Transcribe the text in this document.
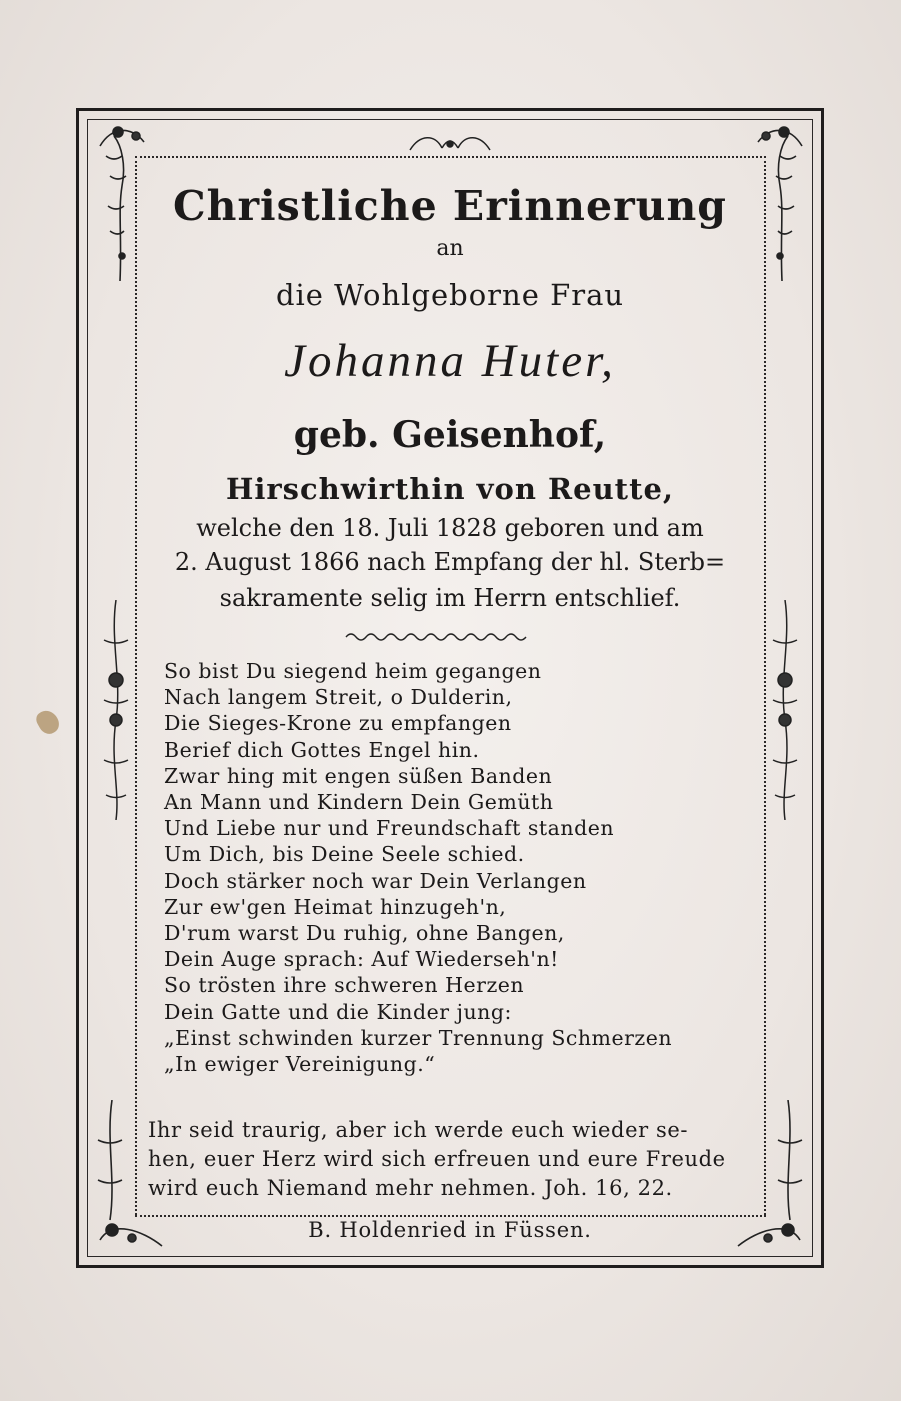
Christliche Erinnerung

an

die Wohlgeborne Frau

Johanna Huter,

geb. Geisenhof,

Hirschwirthin von Reutte,

welche den 18. Juli 1828 geboren und am

2. August 1866 nach Empfang der hl. Sterb=

sakramente selig im Herrn entschlief.

So bist Du siegend heim gegangen
Nach langem Streit, o Dulderin,
Die Sieges-Krone zu empfangen
Berief dich Gottes Engel hin.
Zwar hing mit engen süßen Banden
An Mann und Kindern Dein Gemüth
Und Liebe nur und Freundschaft standen
Um Dich, bis Deine Seele schied.
Doch stärker noch war Dein Verlangen
Zur ew'gen Heimat hinzugeh'n,
D'rum warst Du ruhig, ohne Bangen,
Dein Auge sprach: Auf Wiederseh'n!
So trösten ihre schweren Herzen
Dein Gatte und die Kinder jung:
„Einst schwinden kurzer Trennung Schmerzen
„In ewiger Vereinigung.“

Ihr seid traurig, aber ich werde euch wieder se-

hen, euer Herz wird sich erfreuen und eure Freude

wird euch Niemand mehr nehmen. Joh. 16, 22.

B. Holdenried in Füssen.
